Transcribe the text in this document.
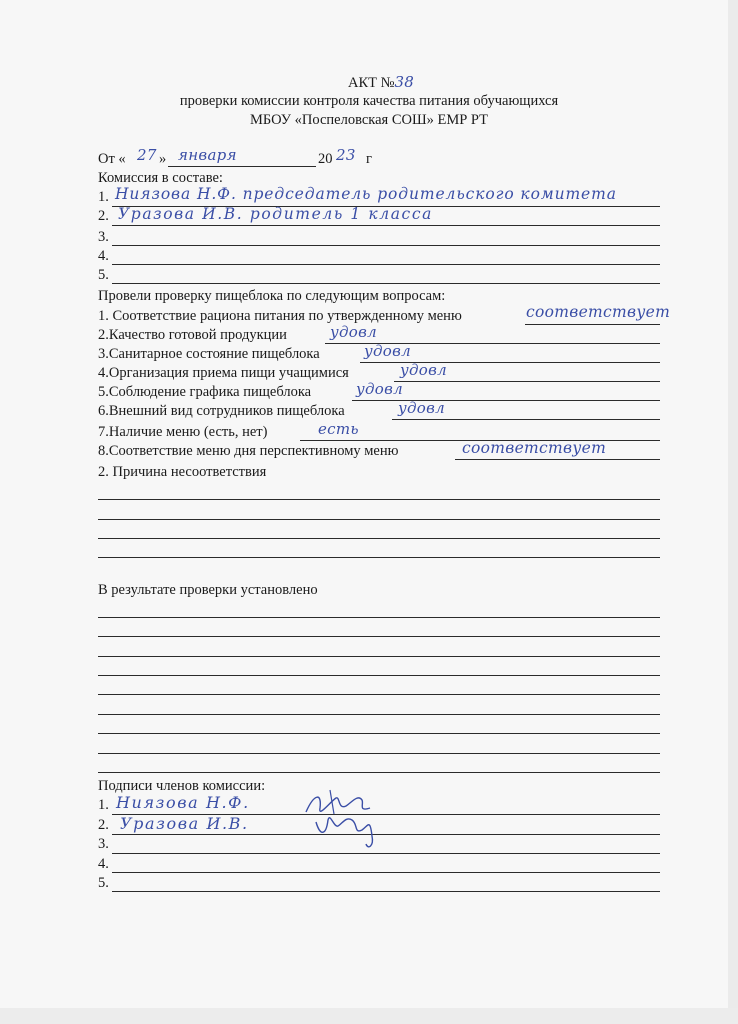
АКТ №38
проверки комиссии контроля качества питания обучающихся
МБОУ «Поспеловская СОШ» ЕМР РТ
От « 27 » января	20 23 г
Комиссия в составе:
1. Ниязова Н.Ф. председатель родительского комитета
2. Уразова И.В. родитель 1 класса
3.
4.
5.
Провели проверку пищеблока по следующим вопросам:
1. Соответствие рациона питания по утвержденному меню	соответствует
2.Качество готовой продукции	удовл
3.Санитарное состояние пищеблока	удовл
4.Организация приема пищи учащимися	удовл
5.Соблюдение графика пищеблока	удовл
6.Внешний вид сотрудников пищеблока	удовл
7.Наличие меню (есть, нет)	есть
8.Соответствие меню дня перспективному меню	соответствует
2. Причина несоответствия
В результате проверки установлено
Подписи членов комиссии:
1. Ниязова Н.Ф.
2. Уразова И.В.
3.
4.
5.
